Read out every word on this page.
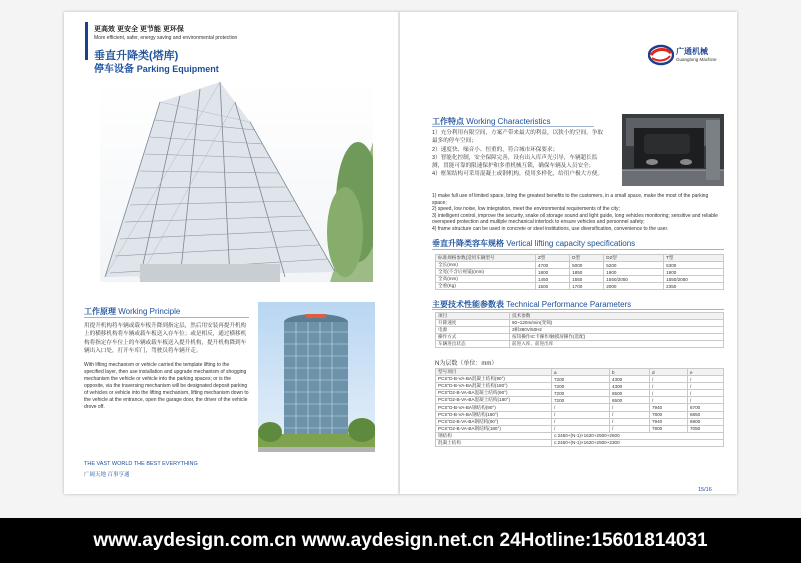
更高效 更安全 更节能 更环保
More efficient, safer, energy saving and environmental protection
垂直升降类(塔库)
停车设备 Parking Equipment
工作原理 Working Principle
用提升机构将车辆或载车板升降到指定层，然后用安装再提升机构上的横移机构将车辆或载车板送入存车位；或是相反，通过横移机构将指定存车位上的车辆或载车板送入提升机构，提升机构降到车辆出入口处，打开车库门，驾驶员将车辆开走。
With lifting mechanism or vehicle carried the template lifting to the specified layer, then use installation and upgrade mechanism of shogging mechanism the vehicle or vehicle into the parking spaces; or is the opposite, via the traversing mechanism will be designated deposit parking of vehicles or vehicle into the lifting mechanism, lifting mechanism down to the vehicle at the entrance, open the garage door, the driver of the vehicle drove off.
THE VAST WORLD THE BEST EVERYTHING
广阔天地 百事亨通
广通机械
Guangtong Machine
工作特点 Working Characteristics
1）充分利用有限空间，方案产带来最大的利益，以狭小的空间，争取最多的停车空间；
2）速度快、噪音小、恒重的，符合城市环保要求；
3）智能化控制，安全保障完善，设有出入库声光引导，车辆超长监测，贯能可靠的限速保护和多重机械互锁，确保车辆及人员安全；
4）框架结构可采用混凝土或钢机构，使用多样化，给用户极大方便。
1) make full use of limited space, bring the greatest benefits to the customers, in a small space, make the most of the parking space;
2) speed, low noise, low integration, meet the environmental requirements of the city;
3) intelligent control, improve the security, snake oil storage sound and light guide, long vehicles monitoring; sensitive and reliable overspeed protection and multiple mechanical interlock to ensure vehicles and personnel safety;
4) frame structure can be used in concrete or steel institutions, use diversification, convenience to the user.
垂直升降类容车规格 Vertical lifting capacity specifications
标准规格参数(适用车辆型号	Z型	D型	D2型	T型
全长(mm)	4700	5000	5200	5300
全宽(不含后视镜)(mm)	1800	1850	1900	1900
全高(mm)	1450	1550	1550/2050	1550/2050
全重(Kg)	1500	1700	2000	2350
主要技术性能参数表 Technical Performance Parameters
项目	技术参数
升降速度	60~120m/min(变频)
电源	3相380V/50Hz
操作方式	按钮操作IC卡操作/触摸屏操作(选配)
车辆进出状态	前进入库、前进出库
N为层数（单位：mm）
型号项目	a	b	d	e
PCS"D-B-VA-BA混凝土结构(90°)	7200	4300	/	/
PCS"D-B-VA-BA混凝土结构(180°)	7200	4300	/	/
PCS"D2-B-VA-BA混凝土结构(90°)	7200	6500	/	/
PCS"D2-B-VA-BA混凝土结构(180°)	7200	6500	/	/
PCS"D-B-VA-BA钢结构(90°)	/	/	7940	6700
PCS"D-B-VA-BA钢结构(180°)	/	/	7800	6850
PCS"D2-B-VA-BA钢结构(90°)	/	/	7940	6900
PCS"D2-B-VA-BA钢结构(180°)	/	/	7800	7050
钢结构	c:2450+(N-1)×1620+2500+2600			
混凝土结构	c:2450+(N-1)×1620+2500+2300			
15/16
www.aydesign.com.cn www.aydesign.net.cn 24Hotline:15601814031
